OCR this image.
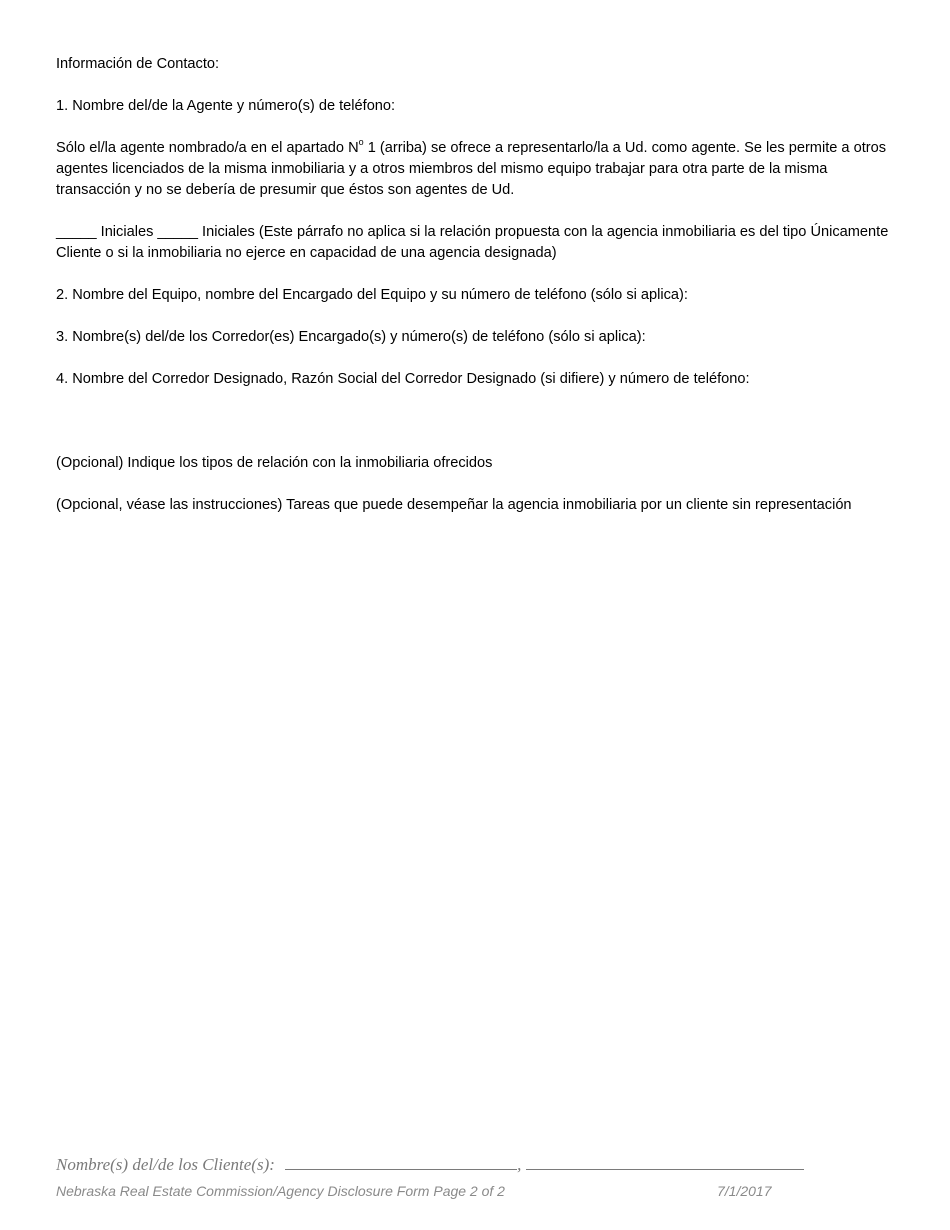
Información de Contacto:

1. Nombre del/de la Agente y número(s) de teléfono:

Sólo el/la agente nombrado/a en el apartado $N^o$ 1 (arriba) se ofrece a representarlo/la a Ud. como agente. Se les permite a otros agentes licenciados de la misma inmobiliaria y a otros miembros del mismo equipo trabajar para otra parte de la misma transacción y no se debería de presumir que éstos son agentes de Ud.

_____ Iniciales _____ Iniciales (Este párrafo no aplica si la relación propuesta con la agencia inmobiliaria es del tipo Únicamente Cliente o si la inmobiliaria no ejerce en capacidad de una agencia designada)

2. Nombre del Equipo, nombre del Encargado del Equipo y su número de teléfono (sólo si aplica):

3. Nombre(s) del/de los Corredor(es) Encargado(s) y número(s) de teléfono (sólo si aplica):

4. Nombre del Corredor Designado, Razón Social del Corredor Designado (si difiere) y número de teléfono:

(Opcional) Indique los tipos de relación con la inmobiliaria ofrecidos

(Opcional, véase las instrucciones) Tareas que puede desempeñar la agencia inmobiliaria por un cliente sin representación

Nombre(s) del/de los Cliente(s):	,
Nebraska Real Estate Commission/Agency Disclosure Form Page 2 of 2	7/1/2017
